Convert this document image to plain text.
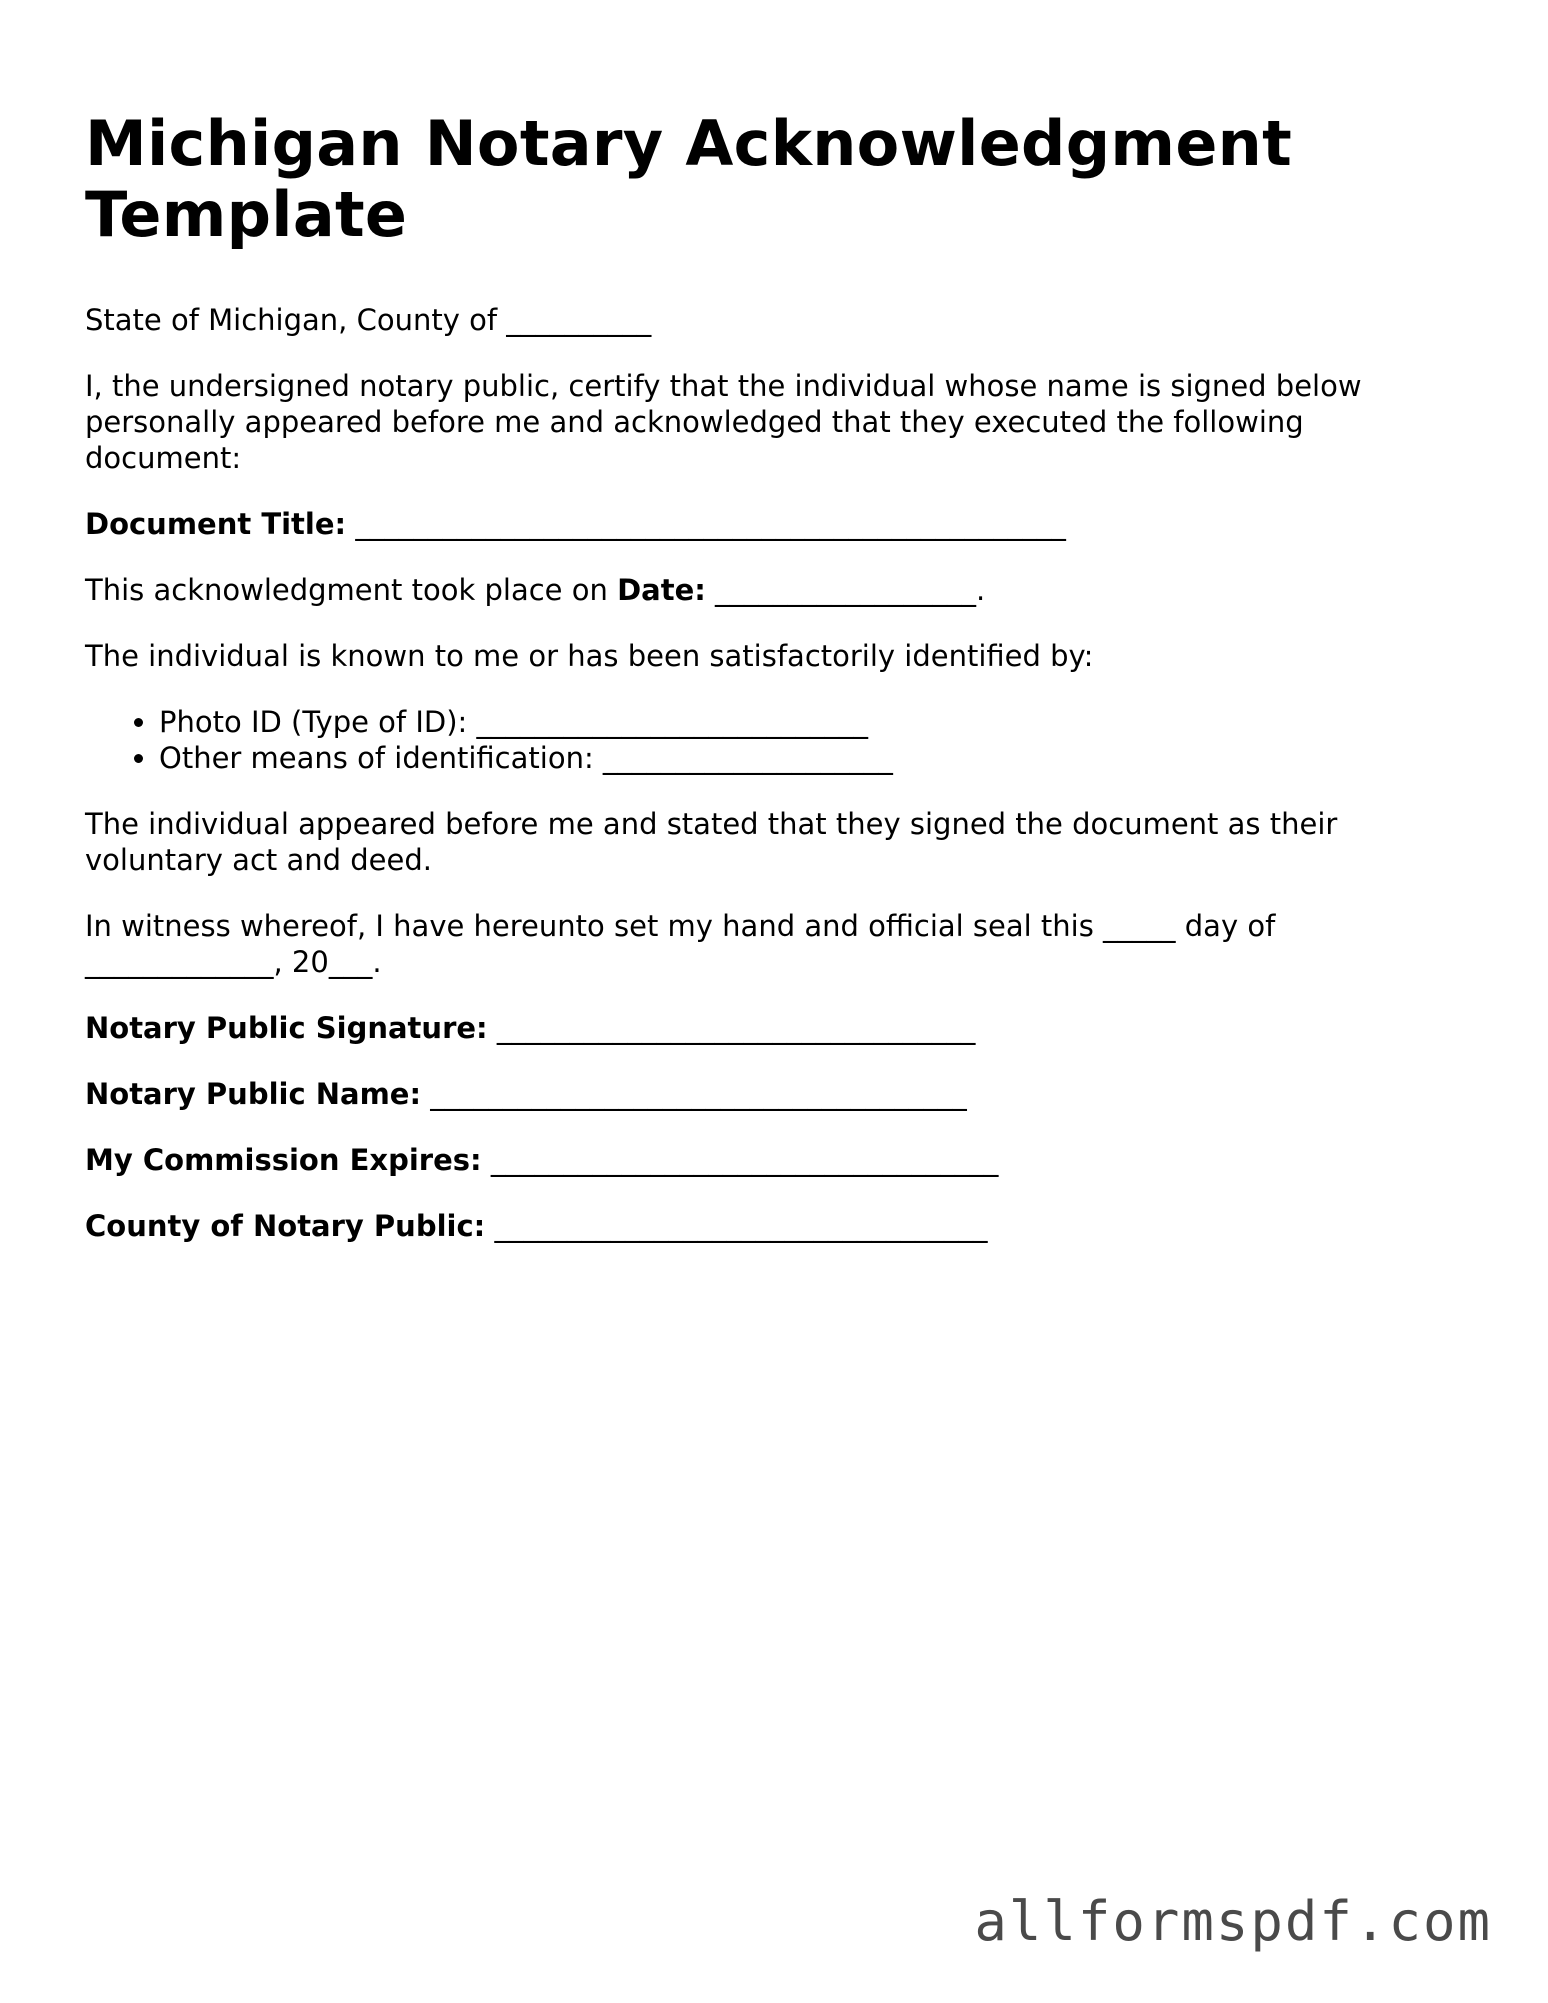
Michigan Notary Acknowledgment Template

State of Michigan, County of __________

I, the undersigned notary public, certify that the individual whose name is signed below personally appeared before me and acknowledged that they executed the following document:

Document Title: _________________________________________________

This acknowledgment took place on Date: __________________.

The individual is known to me or has been satisfactorily identified by:

• Photo ID (Type of ID): ___________________________
• Other means of identification: ____________________

The individual appeared before me and stated that they signed the document as their voluntary act and deed.

In witness whereof, I have hereunto set my hand and official seal this _____ day of _____________, 20___.

Notary Public Signature: _________________________________

Notary Public Name: _____________________________________

My Commission Expires: ___________________________________

County of Notary Public: __________________________________

allformspdf.com
